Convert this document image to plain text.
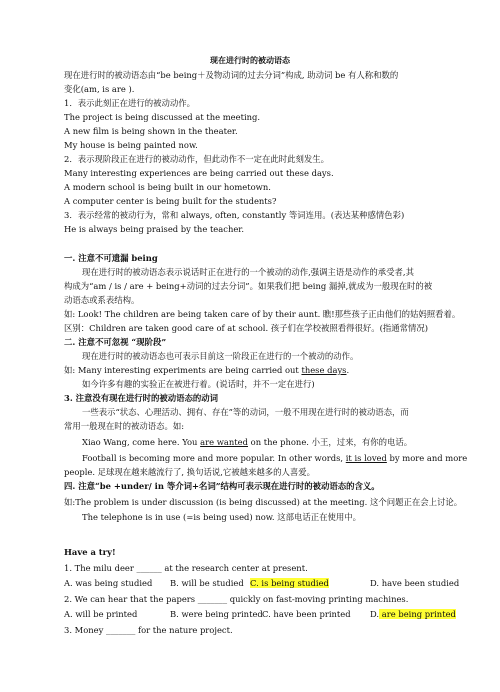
现在进行时的被动语态
现在进行时的被动语态由“be being＋及物动词的过去分词”构成, 助动词 be 有人称和数的
变化(am, is are ).
1．表示此刻正在进行的被动动作。
The project is being discussed at the meeting.
A new film is being shown in the theater.
My house is being painted now.
2．表示现阶段正在进行的被动动作，但此动作不一定在此时此刻发生。
Many interesting experiences are being carried out these days.
A modern school is being built in our hometown.
A computer center is being built for the students?
3．表示经常的被动行为，常和 always, often, constantly 等词连用。(表达某种感情色彩)
He is always being praised by the teacher.
一. 注意不可遗漏 being
现在进行时的被动语态表示说话时正在进行的一个被动的动作,强调主语是动作的承受者,其
构成为“am / is / are + being+动词的过去分词”。如果我们把 being 漏掉,就成为一般现在时的被
动语态或系表结构。
如: Look! The children are being taken care of by their aunt. 瞧!那些孩子正由他们的姑妈照看着。
区别：Children are taken good care of at school. 孩子们在学校被照看得很好。(指通常情况)
二. 注意不可忽视 “现阶段”
现在进行时的被动语态也可表示目前这一阶段正在进行的一个被动的动作。
如: Many interesting experiments are being carried out these days.
如今许多有趣的实验正在被进行着。(说话时，并不一定在进行)
3. 注意没有现在进行时的被动语态的动词
一些表示“状态、心理活动、拥有、存在”等的动词，一般不用现在进行时的被动语态，而
常用一般现在时的被动语态。如:
Xiao Wang, come here. You are wanted on the phone. 小王，过来，有你的电话。
Football is becoming more and more popular. In other words, it is loved by more and more
people. 足球现在越来越流行了, 换句话说,它被越来越多的人喜爱。
四. 注意“be +under/ in 等介词+名词”结构可表示现在进行时的被动语态的含义。
如:The problem is under discussion (is being discussed) at the meeting. 这个问题正在会上讨论。
The telephone is in use (=is being used) now. 这部电话正在使用中。
Have a try!
1. The milu deer ______ at the research center at present.
A. was being studied B. will be studied C. is being studied	D. have been studied
2. We can hear that the papers _______ quickly on fast-moving printing machines.
A. will be printed	B. were being printed C. have been printed D. are being printed
3. Money _______ for the nature project.
